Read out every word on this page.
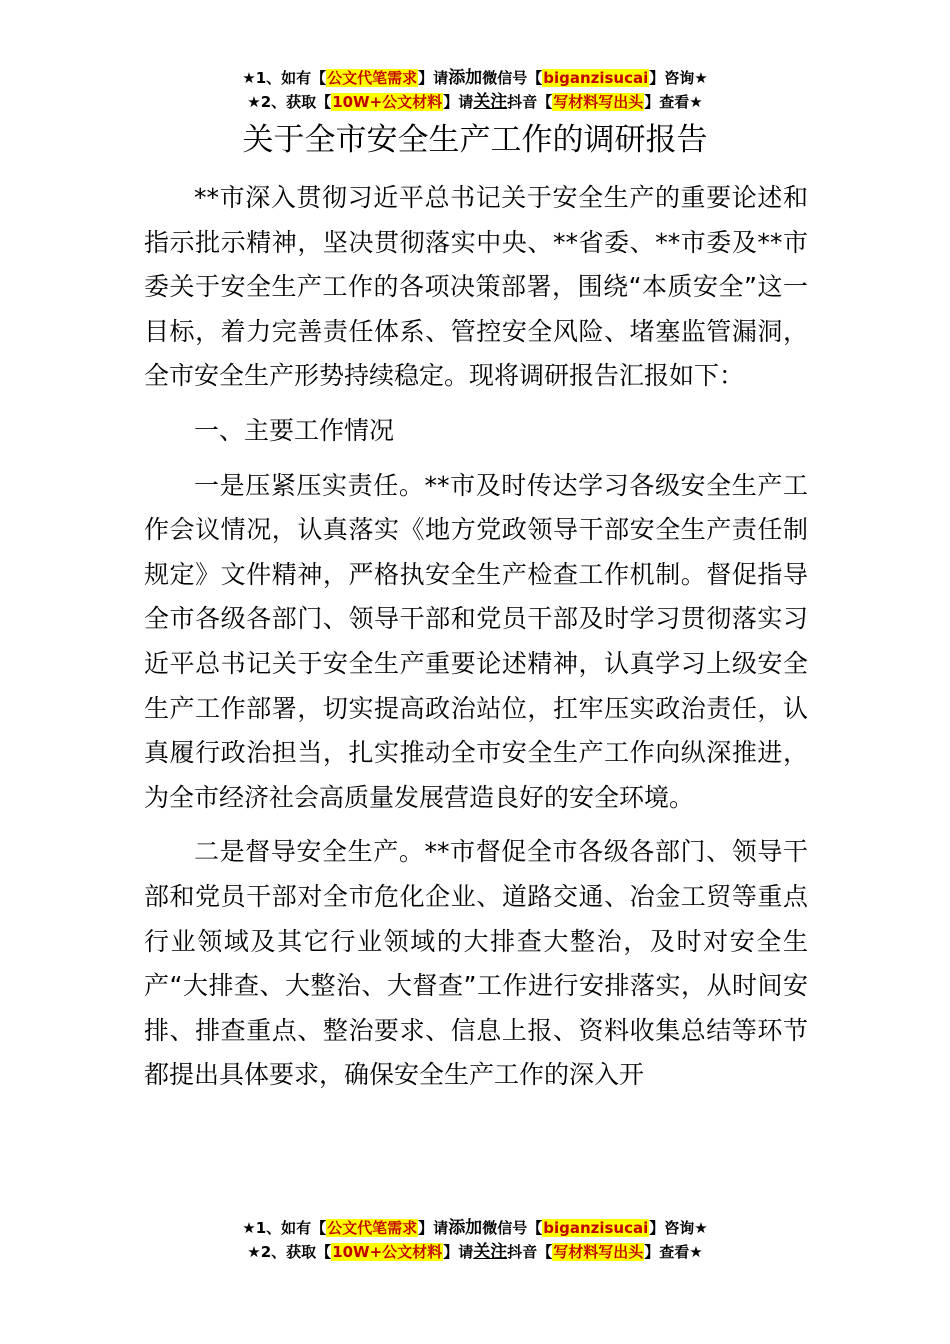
★1、如有【公文代笔需求】请添加微信号【biganzisucai】咨询★
★2、获取【10W+公文材料】请关注抖音【写材料写出头】查看★
关于全市安全生产工作的调研报告

**市深入贯彻习近平总书记关于安全生产的重要论述和指示批示精神，坚决贯彻落实中央、**省委、**市委及**市委关于安全生产工作的各项决策部署，围绕“本质安全”这一目标，着力完善责任体系、管控安全风险、堵塞监管漏洞，全市安全生产形势持续稳定。现将调研报告汇报如下：

一、主要工作情况

一是压紧压实责任。**市及时传达学习各级安全生产工作会议情况，认真落实《地方党政领导干部安全生产责任制规定》文件精神，严格执安全生产检查工作机制。督促指导全市各级各部门、领导干部和党员干部及时学习贯彻落实习近平总书记关于安全生产重要论述精神，认真学习上级安全生产工作部署，切实提高政治站位，扛牢压实政治责任，认真履行政治担当，扎实推动全市安全生产工作向纵深推进，为全市经济社会高质量发展营造良好的安全环境。

二是督导安全生产。**市督促全市各级各部门、领导干部和党员干部对全市危化企业、道路交通、冶金工贸等重点行业领域及其它行业领域的大排查大整治，及时对安全生产“大排查、大整治、大督查”工作进行安排落实，从时间安排、排查重点、整治要求、信息上报、资料收集总结等环节都提出具体要求，确保安全生产工作的深入开

★1、如有【公文代笔需求】请添加微信号【biganzisucai】咨询★
★2、获取【10W+公文材料】请关注抖音【写材料写出头】查看★
